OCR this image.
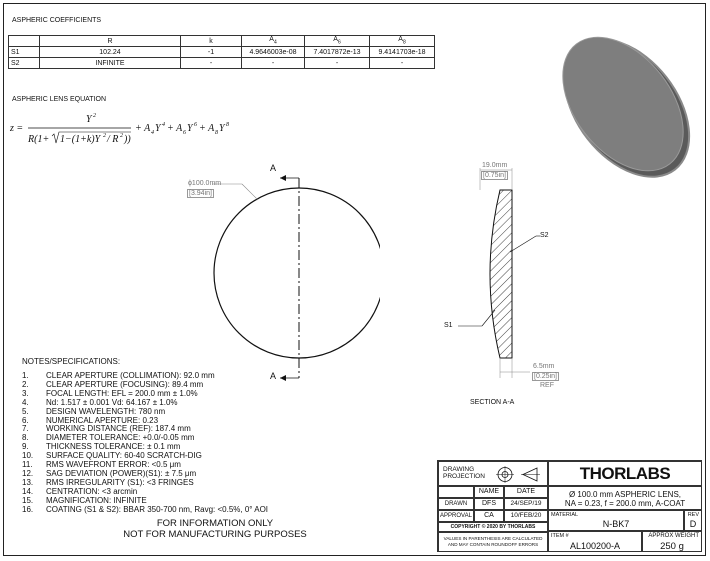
ASPHERIC COEFFICIENTS
	R	k	$A_4$	$A_6$	$A_8$
S1	102.24	-1	4.9646003e-08	7.4017872e-13	9.4141703e-18
S2	INFINITE	-	-	-	-
ASPHERIC LENS EQUATION
z =
Y 2
R(1+ 1−(1+k)Y 2 / R 2 ))
+ A 4 Y 4 + A 6 Y 6 + A 8 Y 8
A
A
ϕ100.0mm
[3.94in]
19.0mm
[0.75in]
6.5mm
[0.25in]
REF
S1
S2
SECTION A-A
NOTES/SPECIFICATIONS:
1.	CLEAR APERTURE (COLLIMATION): 92.0 mm
2.	CLEAR APERTURE (FOCUSING): 89.4 mm
3.	FOCAL LENGTH: EFL = 200.0 mm ± 1.0%
4.	Nd: 1.517 ± 0.001 Vd: 64.167 ± 1.0%
5.	DESIGN WAVELENGTH: 780 nm
6.	NUMERICAL APERTURE: 0.23
7.	WORKING DISTANCE (REF): 187.4 mm
8.	DIAMETER TOLERANCE: +0.0/-0.05 mm
9.	THICKNESS TOLERANCE: ± 0.1 mm
10.	SURFACE QUALITY: 60-40 SCRATCH-DIG
11.	RMS WAVEFRONT ERROR: <0.5 μm
12.	SAG DEVIATION (POWER)(S1): ± 7.5 μm
13.	RMS IRREGULARITY (S1): <3 FRINGES
14.	CENTRATION: <3 arcmin
15.	MAGNIFICATION: INFINITE
16.	COATING (S1 & S2): BBAR 350-700 nm, Ravg: <0.5%, 0° AOI
FOR INFORMATION ONLY
NOT FOR MANUFACTURING PURPOSES
DRAWING
PROJECTION	THORLABS
NAME	DATE
DRAWN	DFS	24/SEP/19
APPROVAL	CA	10/FEB/20
COPYRIGHT © 2020 BY THORLABS
VALUES IN PARENTHESIS ARE CALCULATED AND MAY CONTAIN ROUNDOFF ERRORS
Ø 100.0 mm ASPHERIC LENS,
NA = 0.23, f = 200.0 mm, A-COAT
MATERIAL
N-BK7
REV
D
ITEM #
AL100200-A
APPROX WEIGHT
250 g
